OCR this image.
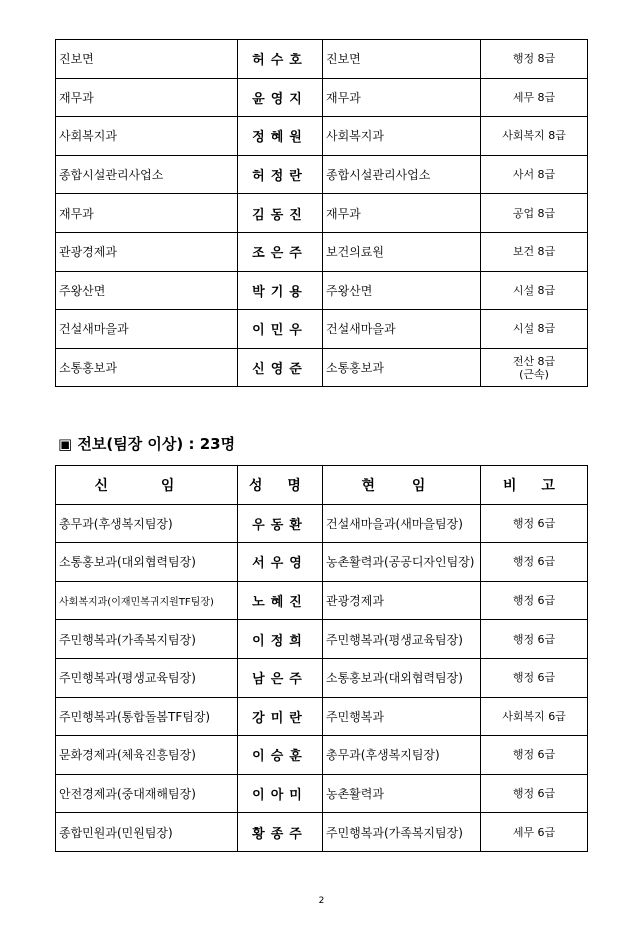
진보면	허수호	진보면	행정 8급
재무과	윤영지	재무과	세무 8급
사회복지과	정혜원	사회복지과	사회복지 8급
종합시설관리사업소	허정란	종합시설관리사업소	사서 8급
재무과	김동진	재무과	공업 8급
관광경제과	조은주	보건의료원	보건 8급
주왕산면	박기용	주왕산면	시설 8급
건설새마을과	이민우	건설새마을과	시설 8급
소통홍보과	신영준	소통홍보과	전산 8급(근속)
▣ 전보(팀장 이상) : 23명
신 임	성 명	현 임	비 고
총무과(후생복지팀장)	우동환	건설새마을과(새마을팀장)	행정 6급
소통홍보과(대외협력팀장)	서우영	농촌활력과(공공디자인팀장)	행정 6급
사회복지과(이재민복귀지원TF팀장)	노혜진	관광경제과	행정 6급
주민행복과(가족복지팀장)	이정희	주민행복과(평생교육팀장)	행정 6급
주민행복과(평생교육팀장)	남은주	소통홍보과(대외협력팀장)	행정 6급
주민행복과(통합돌봄TF팀장)	강미란	주민행복과	사회복지 6급
문화경제과(체육진흥팀장)	이승훈	총무과(후생복지팀장)	행정 6급
안전경제과(중대재해팀장)	이아미	농촌활력과	행정 6급
종합민원과(민원팀장)	황종주	주민행복과(가족복지팀장)	세무 6급
2
